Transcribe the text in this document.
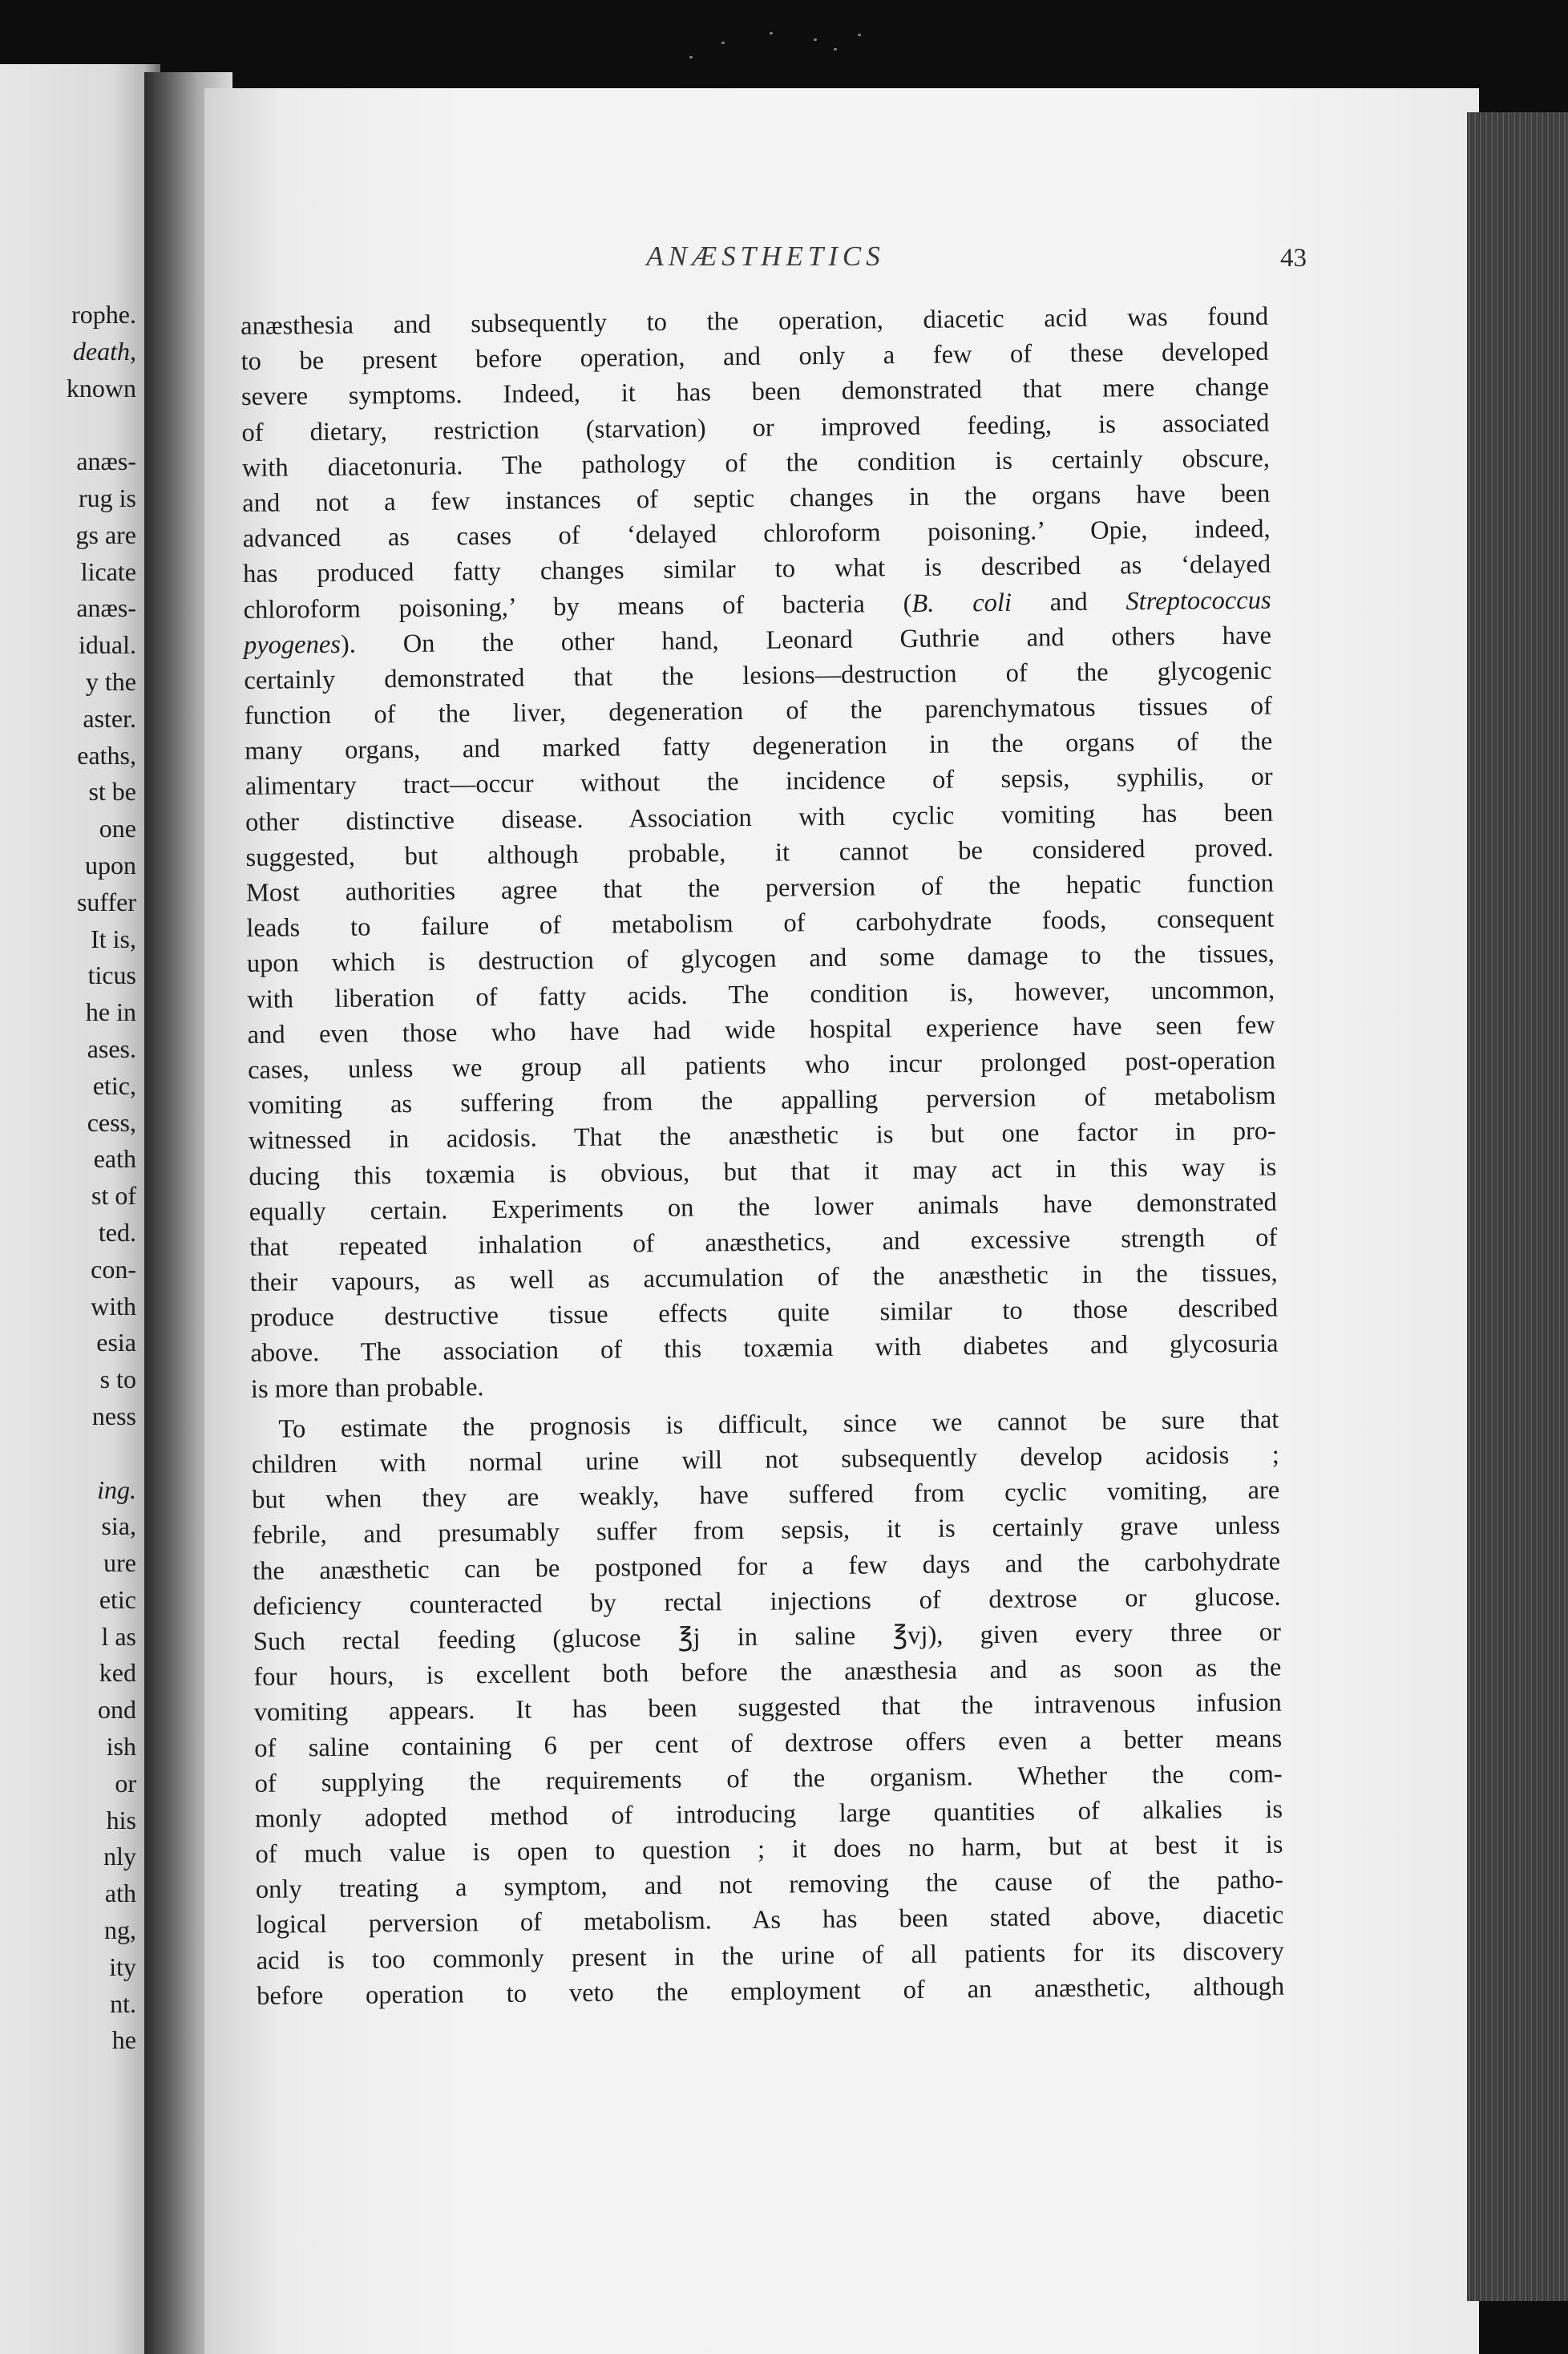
rophe.
death,
known
anæs-
rug is
gs are
licate
anæs-
idual.
y the
aster.
eaths,
st be
one
upon
suffer
It is,
ticus
he in
ases.
etic,
cess,
eath
st of
ted.
con-
with
esia
s to
ness
ing.
sia,
ure
etic
l as
ked
ond
ish
or
his
nly
ath
ng,
ity
nt.
he
ANÆSTHETICS	43
anæsthesia and subsequently to the operation, diacetic acid was found
to be present before operation, and only a few of these developed
severe symptoms. Indeed, it has been demonstrated that mere change
of dietary, restriction (starvation) or improved feeding, is associated
with diacetonuria. The pathology of the condition is certainly obscure,
and not a few instances of septic changes in the organs have been
advanced as cases of ‘delayed chloroform poisoning.’ Opie, indeed,
has produced fatty changes similar to what is described as ‘delayed
chloroform poisoning,’ by means of bacteria (B. coli and Streptococcus
pyogenes). On the other hand, Leonard Guthrie and others have
certainly demonstrated that the lesions—destruction of the glycogenic
function of the liver, degeneration of the parenchymatous tissues of
many organs, and marked fatty degeneration in the organs of the
alimentary tract—occur without the incidence of sepsis, syphilis, or
other distinctive disease. Association with cyclic vomiting has been
suggested, but although probable, it cannot be considered proved.
Most authorities agree that the perversion of the hepatic function
leads to failure of metabolism of carbohydrate foods, consequent
upon which is destruction of glycogen and some damage to the tissues,
with liberation of fatty acids. The condition is, however, uncommon,
and even those who have had wide hospital experience have seen few
cases, unless we group all patients who incur prolonged post-operation
vomiting as suffering from the appalling perversion of metabolism
witnessed in acidosis. That the anæsthetic is but one factor in pro-
ducing this toxæmia is obvious, but that it may act in this way is
equally certain. Experiments on the lower animals have demonstrated
that repeated inhalation of anæsthetics, and excessive strength of
their vapours, as well as accumulation of the anæsthetic in the tissues,
produce destructive tissue effects quite similar to those described
above. The association of this toxæmia with diabetes and glycosuria
is more than probable.
To estimate the prognosis is difficult, since we cannot be sure that
children with normal urine will not subsequently develop acidosis ;
but when they are weakly, have suffered from cyclic vomiting, are
febrile, and presumably suffer from sepsis, it is certainly grave unless
the anæsthetic can be postponed for a few days and the carbohydrate
deficiency counteracted by rectal injections of dextrose or glucose.
Such rectal feeding (glucose ℥j in saline ℥vj), given every three or
four hours, is excellent both before the anæsthesia and as soon as the
vomiting appears. It has been suggested that the intravenous infusion
of saline containing 6 per cent of dextrose offers even a better means
of supplying the requirements of the organism. Whether the com-
monly adopted method of introducing large quantities of alkalies is
of much value is open to question ; it does no harm, but at best it is
only treating a symptom, and not removing the cause of the patho-
logical perversion of metabolism. As has been stated above, diacetic
acid is too commonly present in the urine of all patients for its discovery
before operation to veto the employment of an anæsthetic, although
